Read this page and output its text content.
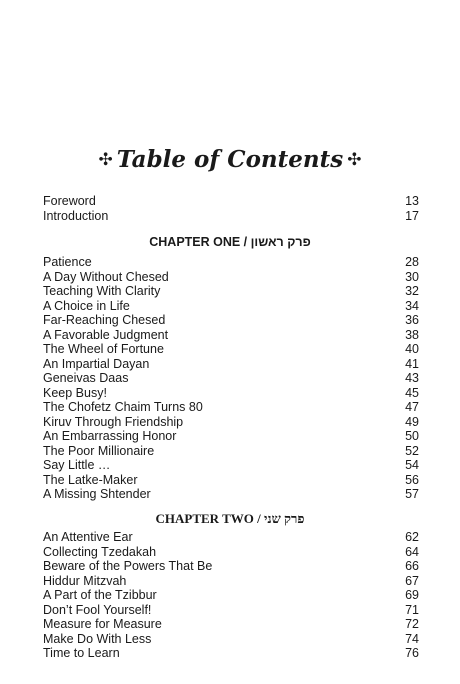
✣ Table of Contents ✣
Foreword	13
Introduction	17
CHAPTER ONE / פרק ראשון
Patience	28
A Day Without Chesed	30
Teaching With Clarity	32
A Choice in Life	34
Far-Reaching Chesed	36
A Favorable Judgment	38
The Wheel of Fortune	40
An Impartial Dayan	41
Geneivas Daas	43
Keep Busy!	45
The Chofetz Chaim Turns 80	47
Kiruv Through Friendship	49
An Embarrassing Honor	50
The Poor Millionaire	52
Say Little …	54
The Latke-Maker	56
A Missing Shtender	57
CHAPTER TWO / פרק שני
An Attentive Ear	62
Collecting Tzedakah	64
Beware of the Powers That Be	66
Hiddur Mitzvah	67
A Part of the Tzibbur	69
Don’t Fool Yourself!	71
Measure for Measure	72
Make Do With Less	74
Time to Learn	76
